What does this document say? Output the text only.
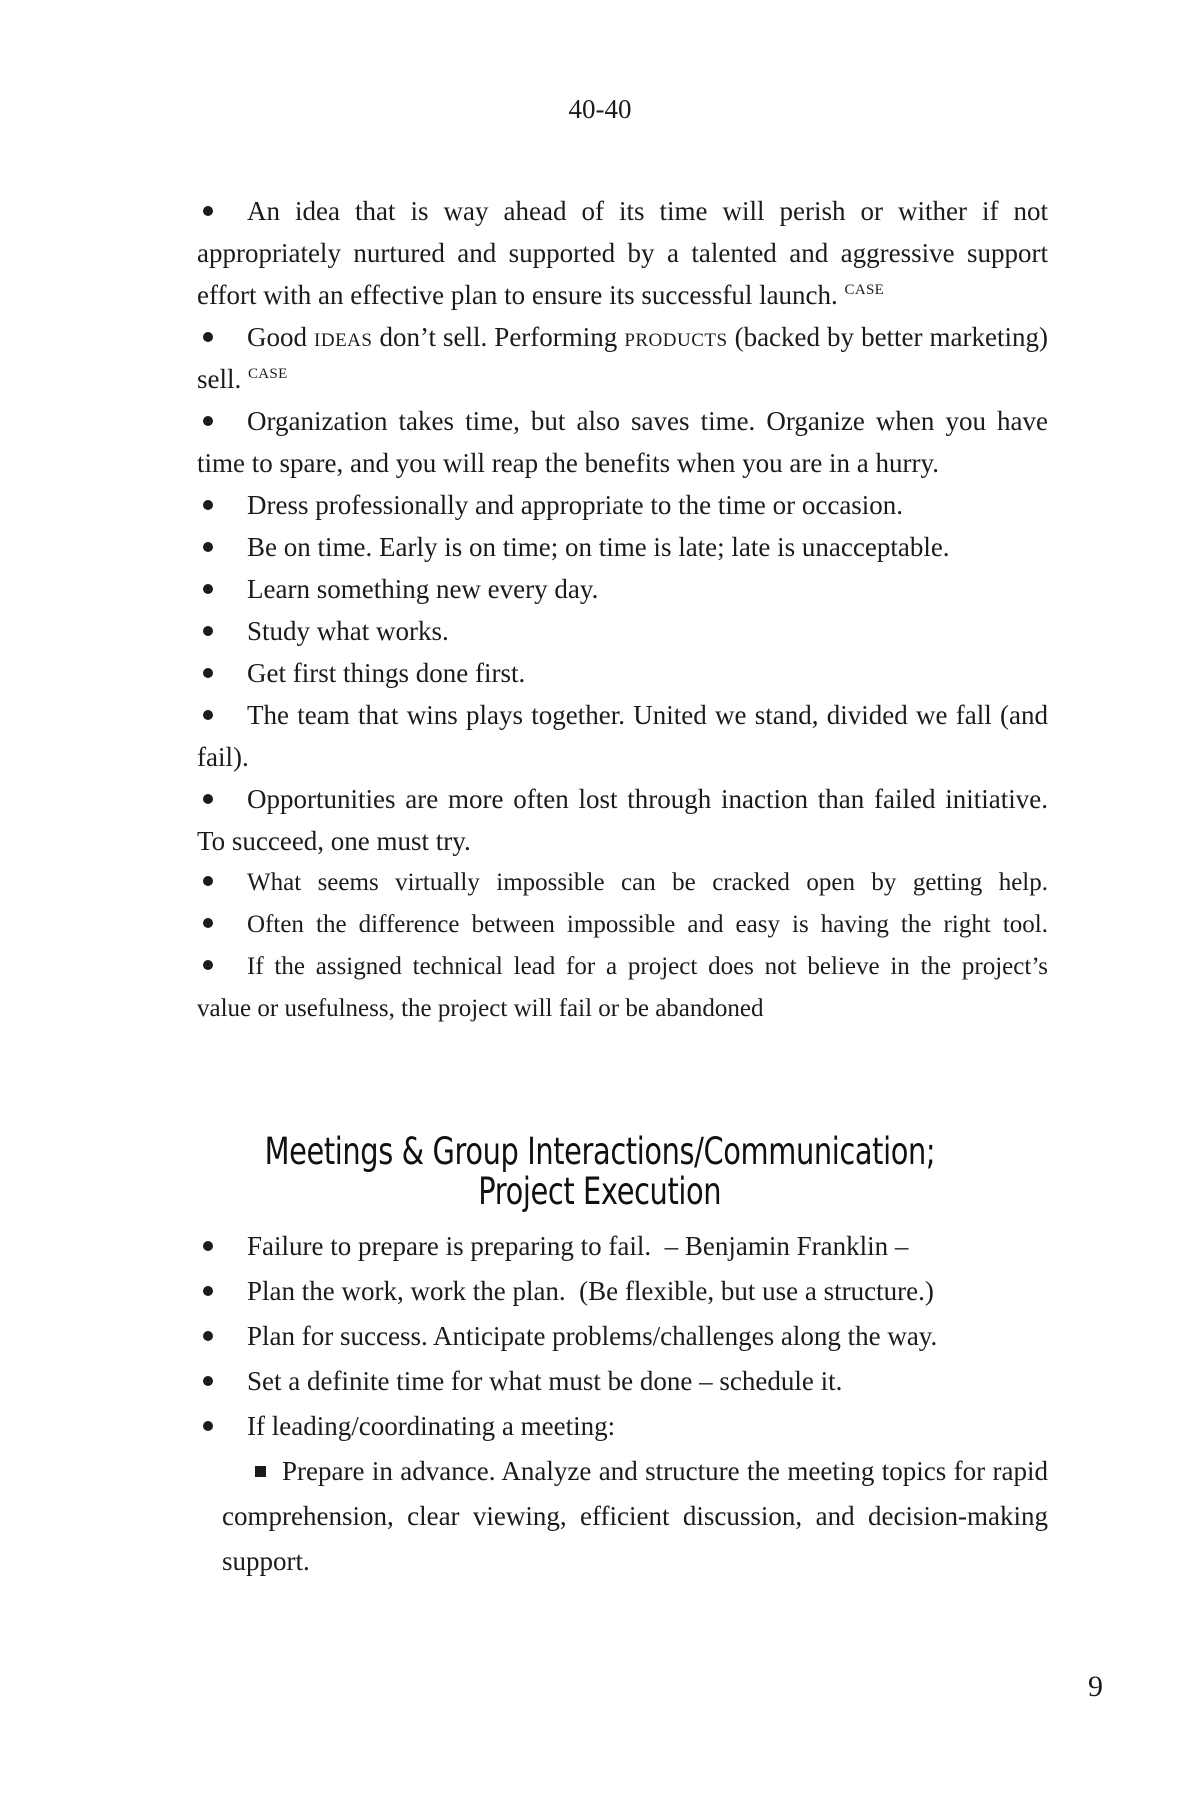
40-40

An idea that is way ahead of its time will perish or wither if not appropriately nurtured and supported by a talented and aggressive support effort with an effective plan to ensure its successful launch. $^{CASE}$

Good ideas don’t sell. Performing products (backed by better marketing) sell. $^{CASE}$

Organization takes time, but also saves time. Organize when you have time to spare, and you will reap the benefits when you are in a hurry.

Dress professionally and appropriate to the time or occasion.

Be on time. Early is on time; on time is late; late is unacceptable.

Learn something new every day.

Study what works.

Get first things done first.

The team that wins plays together. United we stand, divided we fall (and fail).

Opportunities are more often lost through inaction than failed initiative. To succeed, one must try.

What seems virtually impossible can be cracked open by getting help.

Often the difference between impossible and easy is having the right tool.

If the assigned technical lead for a project does not believe in the project’s value or usefulness, the project will fail or be abandoned

Meetings & Group Interactions/Communication;
Project Execution

Failure to prepare is preparing to fail. – Benjamin Franklin –

Plan the work, work the plan. (Be flexible, but use a structure.)

Plan for success. Anticipate problems/challenges along the way.

Set a definite time for what must be done – schedule it.

If leading/coordinating a meeting:

Prepare in advance. Analyze and structure the meeting topics for rapid comprehension, clear viewing, efficient discussion, and decision-making support.

9
